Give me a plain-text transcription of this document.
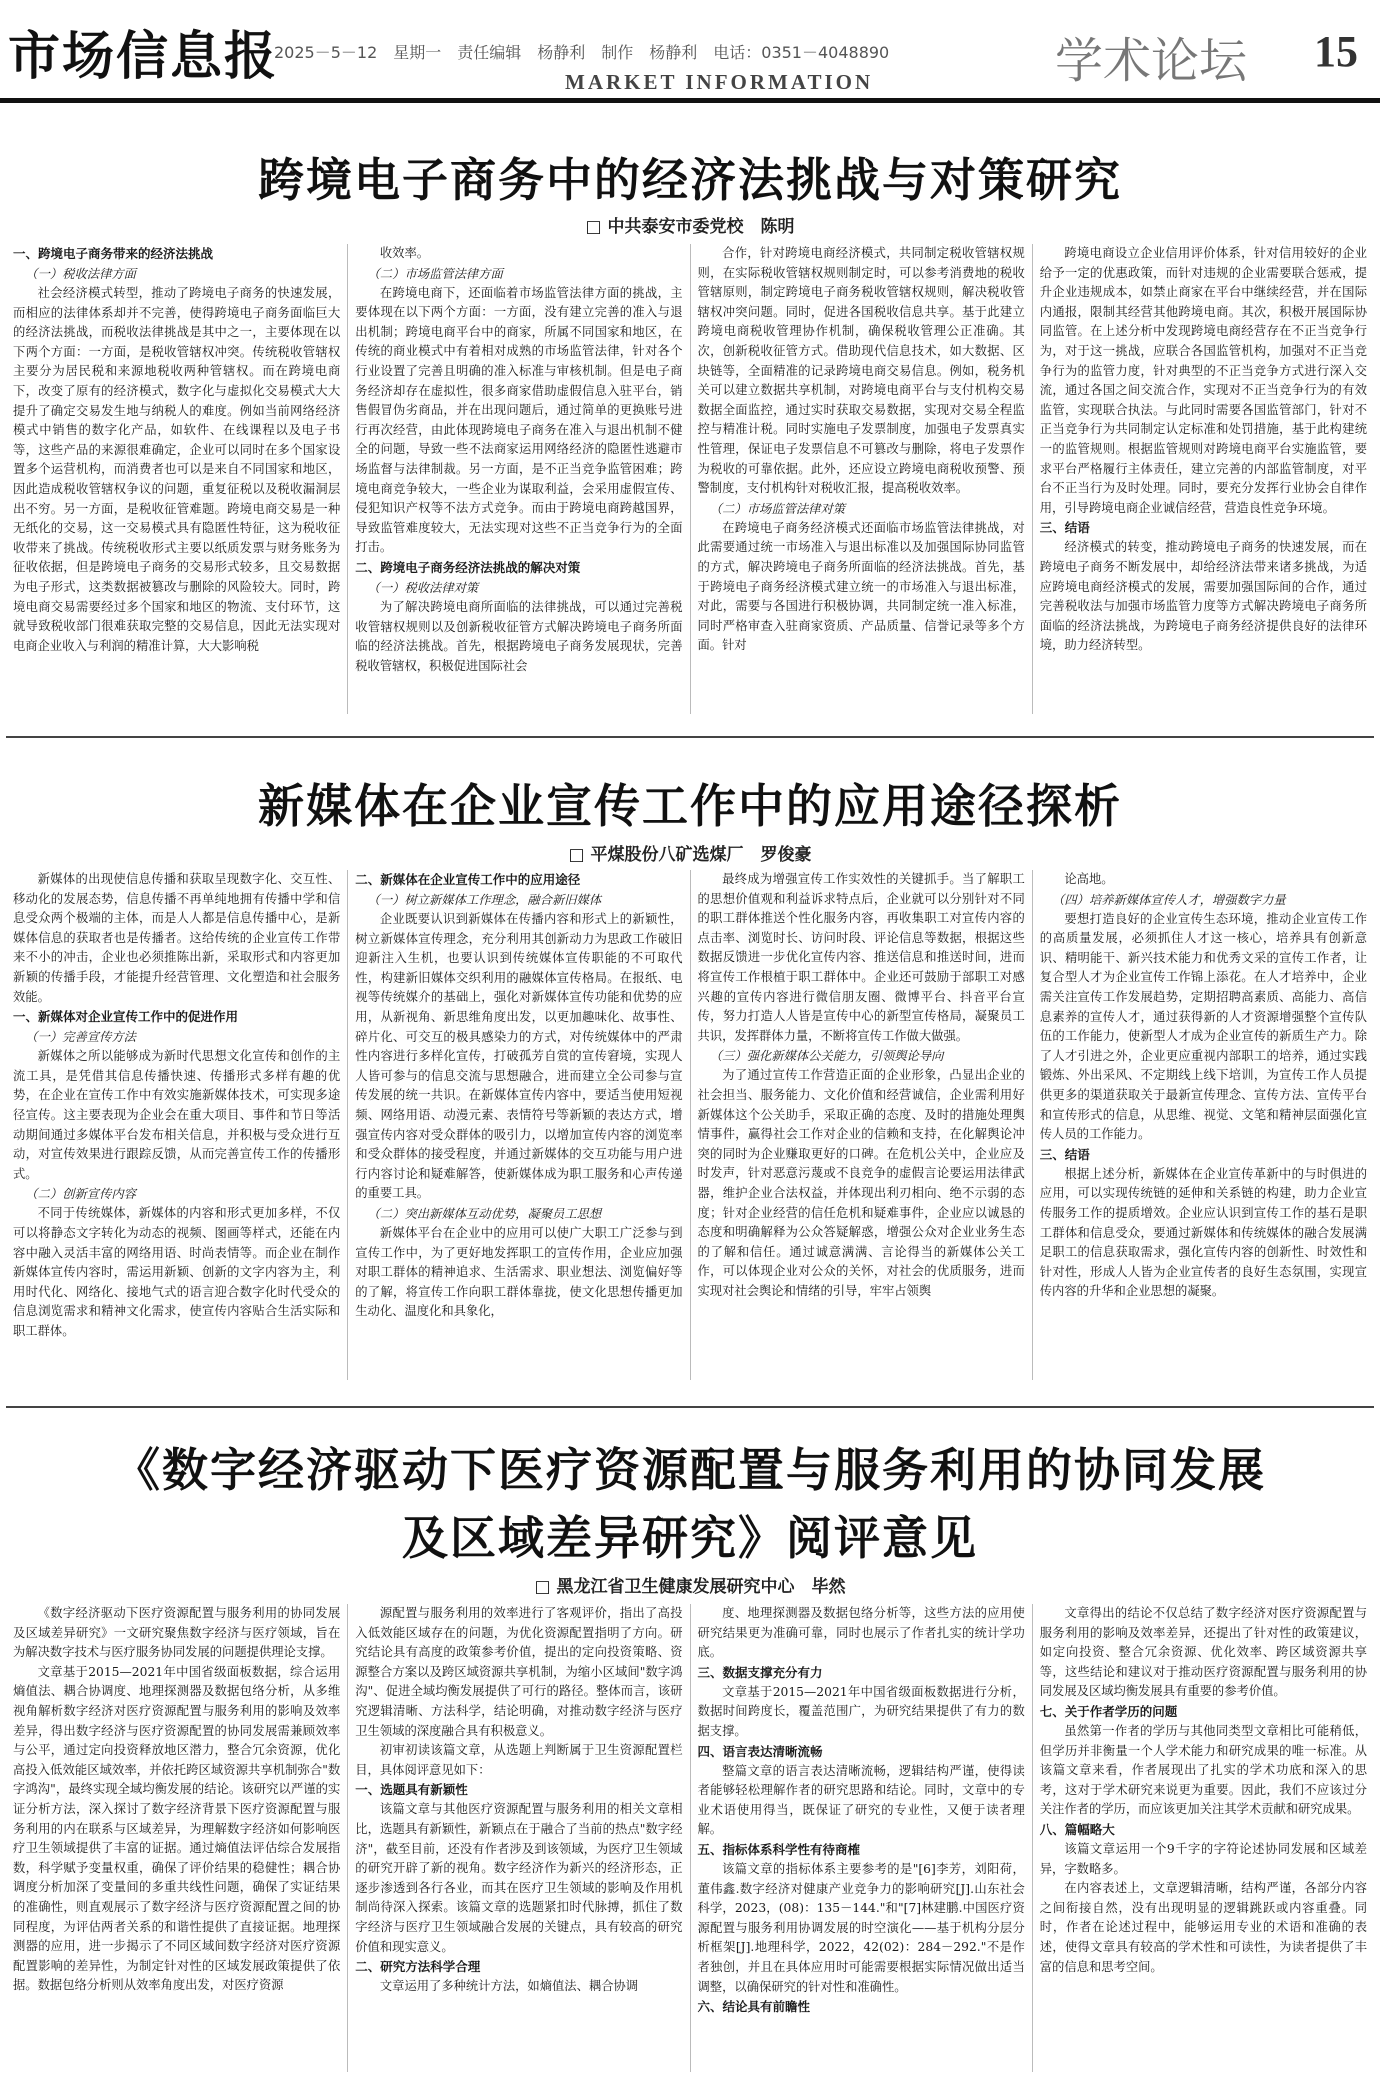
市场信息报
2025－5－12　星期一　责任编辑　杨静利　制作　杨静利　电话：0351－4048890
MARKET INFORMATION	学术论坛 15
跨境电子商务中的经济法挑战与对策研究
□ 中共泰安市委党校　陈明
一、跨境电子商务带来的经济法挑战
（一）税收法律方面

社会经济模式转型，推动了跨境电子商务的快速发展，而相应的法律体系却并不完善，使得跨境电子商务面临巨大的经济法挑战，而税收法律挑战是其中之一，主要体现在以下两个方面：一方面，是税收管辖权冲突。传统税收管辖权主要分为居民税和来源地税收两种管辖权。而在跨境电商下，改变了原有的经济模式，数字化与虚拟化交易模式大大提升了确定交易发生地与纳税人的难度。例如当前网络经济模式中销售的数字化产品，如软件、在线课程以及电子书等，这些产品的来源很难确定，企业可以同时在多个国家设置多个运营机构，而消费者也可以是来自不同国家和地区，因此造成税收管辖权争议的问题，重复征税以及税收漏洞层出不穷。另一方面，是税收征管难题。跨境电商交易是一种无纸化的交易，这一交易模式具有隐匿性特征，这为税收征收带来了挑战。传统税收形式主要以纸质发票与财务账务为征收依据，但是跨境电子商务的交易形式较多，且交易数据为电子形式，这类数据被篡改与删除的风险较大。同时，跨境电商交易需要经过多个国家和地区的物流、支付环节，这就导致税收部门很难获取完整的交易信息，因此无法实现对电商企业收入与利润的精准计算，大大影响税

收效率。

（二）市场监管法律方面

在跨境电商下，还面临着市场监管法律方面的挑战，主要体现在以下两个方面：一方面，没有建立完善的准入与退出机制；跨境电商平台中的商家，所属不同国家和地区，在传统的商业模式中有着相对成熟的市场监管法律，针对各个行业设置了完善且明确的准入标准与审核机制。但是电子商务经济却存在虚拟性，很多商家借助虚假信息入驻平台，销售假冒伪劣商品，并在出现问题后，通过简单的更换账号进行再次经营，由此体现跨境电子商务在准入与退出机制不健全的问题，导致一些不法商家运用网络经济的隐匿性逃避市场监督与法律制裁。另一方面，是不正当竞争监管困难；跨境电商竞争较大，一些企业为谋取利益，会采用虚假宣传、侵犯知识产权等不法方式竞争。而由于跨境电商跨越国界，导致监管难度较大，无法实现对这些不正当竞争行为的全面打击。

二、跨境电子商务经济法挑战的解决对策
（一）税收法律对策

为了解决跨境电商所面临的法律挑战，可以通过完善税收管辖权规则以及创新税收征管方式解决跨境电子商务所面临的经济法挑战。首先，根据跨境电子商务发展现状，完善税收管辖权，积极促进国际社会

合作，针对跨境电商经济模式，共同制定税收管辖权规则，在实际税收管辖权规则制定时，可以参考消费地的税收管辖原则，制定跨境电子商务税收管辖权规则，解决税收管辖权冲突问题。同时，促进各国税收信息共享。基于此建立跨境电商税收管理协作机制，确保税收管理公正准确。其次，创新税收征管方式。借助现代信息技术，如大数据、区块链等，全面精准的记录跨境电商交易信息。例如，税务机关可以建立数据共享机制，对跨境电商平台与支付机构交易数据全面监控，通过实时获取交易数据，实现对交易全程监控与精准计税。同时实施电子发票制度，加强电子发票真实性管理，保证电子发票信息不可篡改与删除，将电子发票作为税收的可靠依据。此外，还应设立跨境电商税收预警、预警制度，支付机构针对税收汇报，提高税收效率。

（二）市场监管法律对策

在跨境电子商务经济模式还面临市场监管法律挑战，对此需要通过统一市场准入与退出标准以及加强国际协同监管的方式，解决跨境电子商务所面临的经济法挑战。首先，基于跨境电子商务经济模式建立统一的市场准入与退出标准，对此，需要与各国进行积极协调，共同制定统一准入标准，同时严格审查入驻商家资质、产品质量、信誉记录等多个方面。针对

跨境电商设立企业信用评价体系，针对信用较好的企业给予一定的优惠政策，而针对违规的企业需要联合惩戒，提升企业违规成本，如禁止商家在平台中继续经营，并在国际内通报，限制其经营其他跨境电商。其次，积极开展国际协同监管。在上述分析中发现跨境电商经营存在不正当竞争行为，对于这一挑战，应联合各国监管机构，加强对不正当竞争行为的监管力度，针对典型的不正当竞争方式进行深入交流，通过各国之间交流合作，实现对不正当竞争行为的有效监管，实现联合执法。与此同时需要各国监管部门，针对不正当竞争行为共同制定认定标准和处罚措施，基于此构建统一的监管规则。根据监管规则对跨境电商平台实施监管，要求平台严格履行主体责任，建立完善的内部监管制度，对平台不正当行为及时处理。同时，要充分发挥行业协会自律作用，引导跨境电商企业诚信经营，营造良性竞争环境。

三、结语

经济模式的转变，推动跨境电子商务的快速发展，而在跨境电子商务不断发展中，却给经济法带来诸多挑战，为适应跨境电商经济模式的发展，需要加强国际间的合作，通过完善税收法与加强市场监管力度等方式解决跨境电子商务所面临的经济法挑战，为跨境电子商务经济提供良好的法律环境，助力经济转型。

新媒体在企业宣传工作中的应用途径探析
□ 平煤股份八矿选煤厂　罗俊豪

新媒体的出现使信息传播和获取呈现数字化、交互性、移动化的发展态势，信息传播不再单纯地拥有传播中学和信息受众两个极端的主体，而是人人都是信息传播中心，是新媒体信息的获取者也是传播者。这给传统的企业宣传工作带来不小的冲击，企业也必须推陈出新，采取形式和内容更加新颖的传播手段，才能提升经营管理、文化塑造和社会服务效能。

一、新媒体对企业宣传工作中的促进作用
（一）完善宣传方法

新媒体之所以能够成为新时代思想文化宣传和创作的主流工具，是凭借其信息传播快速、传播形式多样有趣的优势，在企业在宣传工作中有效实施新媒体技术，可实现多途径宣传。这主要表现为企业会在重大项目、事件和节日等活动期间通过多媒体平台发布相关信息，并积极与受众进行互动，对宣传效果进行跟踪反馈，从而完善宣传工作的传播形式。

（二）创新宣传内容

不同于传统媒体，新媒体的内容和形式更加多样，不仅可以将静态文字转化为动态的视频、图画等样式，还能在内容中融入灵活丰富的网络用语、时尚表情等。而企业在制作新媒体宣传内容时，需运用新颖、创新的文字内容为主，利用时代化、网络化、接地气式的语言迎合数字化时代受众的信息浏览需求和精神文化需求，使宣传内容贴合生活实际和职工群体。

二、新媒体在企业宣传工作中的应用途径
（一）树立新媒体工作理念，融合新旧媒体

企业既要认识到新媒体在传播内容和形式上的新颖性，树立新媒体宣传理念，充分利用其创新动力为思政工作破旧迎新注入生机，也要认识到传统媒体宣传职能的不可取代性，构建新旧媒体交织利用的融媒体宣传格局。在报纸、电视等传统媒介的基础上，强化对新媒体宣传功能和优势的应用，从新视角、新思维角度出发，以更加趣味化、故事性、碎片化、可交互的极具感染力的方式，对传统媒体中的严肃性内容进行多样化宣传，打破孤芳自赏的宣传窘境，实现人人皆可参与的信息交流与思想融合，进而建立全公司参与宣传发展的统一共识。在新媒体宣传内容中，要适当使用短视频、网络用语、动漫元素、表情符号等新颖的表达方式，增强宣传内容对受众群体的吸引力，以增加宣传内容的浏览率和受众群体的接受程度，并通过新媒体的交互功能与用户进行内容讨论和疑难解答，使新媒体成为职工服务和心声传递的重要工具。

（二）突出新媒体互动优势，凝聚员工思想

新媒体平台在企业中的应用可以使广大职工广泛参与到宣传工作中，为了更好地发挥职工的宣传作用，企业应加强对职工群体的精神追求、生活需求、职业想法、浏览偏好等的了解，将宣传工作向职工群体靠拢，使文化思想传播更加生动化、温度化和具象化，

最终成为增强宣传工作实效性的关键抓手。当了解职工的思想价值观和利益诉求特点后，企业就可以分别针对不同的职工群体推送个性化服务内容，再收集职工对宣传内容的点击率、浏览时长、访问时段、评论信息等数据，根据这些数据反馈进一步优化宣传内容、推送信息和推送时间，进而将宣传工作根植于职工群体中。企业还可鼓励于部职工对感兴趣的宣传内容进行微信朋友圈、微博平台、抖音平台宣传，努力打造人人皆是宣传中心的新型宣传格局，凝聚员工共识，发挥群体力量，不断将宣传工作做大做强。

（三）强化新媒体公关能力，引领舆论导向

为了通过宣传工作营造正面的企业形象，凸显出企业的社会担当、服务能力、文化价值和经营诚信，企业需利用好新媒体这个公关助手，采取正确的态度、及时的措施处理舆情事件，赢得社会工作对企业的信赖和支持，在化解舆论冲突的同时为企业赚取更好的口碑。在危机公关中，企业应及时发声，针对恶意污蔑或不良竞争的虚假言论要运用法律武器，维护企业合法权益，并体现出利刃相向、绝不示弱的态度；针对企业经营的信任危机和疑难事件，企业应以诚恳的态度和明确解释为公众答疑解惑，增强公众对企业业务生态的了解和信任。通过诚意满满、言论得当的新媒体公关工作，可以体现企业对公众的关怀，对社会的优质服务，进而实现对社会舆论和情绪的引导，牢牢占领舆

论高地。

（四）培养新媒体宣传人才，增强数字力量

要想打造良好的企业宣传生态环境，推动企业宣传工作的高质量发展，必须抓住人才这一核心，培养具有创新意识、精明能干、新兴技术能力和优秀文采的宣传工作者，让复合型人才为企业宣传工作锦上添花。在人才培养中，企业需关注宣传工作发展趋势，定期招聘高素质、高能力、高信息素养的宣传人才，通过获得新的人才资源增强整个宣传队伍的工作能力，使新型人才成为企业宣传的新质生产力。除了人才引进之外，企业更应重视内部职工的培养，通过实践锻炼、外出采风、不定期线上线下培训，为宣传工作人员提供更多的渠道获取关于最新宣传理念、宣传方法、宣传平台和宣传形式的信息，从思维、视觉、文笔和精神层面强化宣传人员的工作能力。

三、结语

根据上述分析，新媒体在企业宣传革新中的与时俱进的应用，可以实现传统链的延伸和关系链的构建，助力企业宣传服务工作的提质增效。企业应认识到宣传工作的基石是职工群体和信息受众，要通过新媒体和传统媒体的融合发展满足职工的信息获取需求，强化宣传内容的创新性、时效性和针对性，形成人人皆为企业宣传者的良好生态氛围，实现宣传内容的升华和企业思想的凝聚。

《数字经济驱动下医疗资源配置与服务利用的协同发展
及区域差异研究》阅评意见
□ 黑龙江省卫生健康发展研究中心　毕然

《数字经济驱动下医疗资源配置与服务利用的协同发展及区域差异研究》一文研究聚焦数字经济与医疗领域，旨在为解决数字技术与医疗服务协同发展的问题提供理论支撑。

文章基于2015—2021年中国省级面板数据，综合运用熵值法、耦合协调度、地理探测器及数据包络分析，从多维视角解析数字经济对医疗资源配置与服务利用的影响及效率差异，得出数字经济与医疗资源配置的协同发展需兼顾效率与公平，通过定向投资释放地区潜力，整合冗余资源，优化高投入低效能区域效率，并依托跨区域资源共享机制弥合"数字鸿沟"，最终实现全域均衡发展的结论。该研究以严谨的实证分析方法，深入探讨了数字经济背景下医疗资源配置与服务利用的内在联系与区域差异，为理解数字经济如何影响医疗卫生领域提供了丰富的证据。通过熵值法评估综合发展指数，科学赋予变量权重，确保了评价结果的稳健性；耦合协调度分析加深了变量间的多重共线性问题，确保了实证结果的准确性，则直观展示了数字经济与医疗资源配置之间的协同程度，为评估两者关系的和谐性提供了直接证据。地理探测器的应用，进一步揭示了不同区域间数字经济对医疗资源配置影响的差异性，为制定针对性的区域发展政策提供了依据。数据包络分析则从效率角度出发，对医疗资源

源配置与服务利用的效率进行了客观评价，指出了高投入低效能区域存在的问题，为优化资源配置指明了方向。研究结论具有高度的政策参考价值，提出的定向投资策略、资源整合方案以及跨区域资源共享机制，为缩小区域间"数字鸿沟"、促进全域均衡发展提供了可行的路径。整体而言，该研究逻辑清晰、方法科学，结论明确，对推动数字经济与医疗卫生领域的深度融合具有积极意义。

初审初读该篇文章，从选题上判断属于卫生资源配置栏目，具体阅评意见如下：

一、选题具有新颖性

该篇文章与其他医疗资源配置与服务利用的相关文章相比，选题具有新颖性，新颖点在于融合了当前的热点"数字经济"，截至目前，还没有作者涉及到该领域，为医疗卫生领域的研究开辟了新的视角。数字经济作为新兴的经济形态，正逐步渗透到各行各业，而其在医疗卫生领域的影响及作用机制尚待深入探索。该篇文章的选题紧扣时代脉搏，抓住了数字经济与医疗卫生领域融合发展的关键点，具有较高的研究价值和现实意义。

二、研究方法科学合理

文章运用了多种统计方法，如熵值法、耦合协调

度、地理探测器及数据包络分析等，这些方法的应用使研究结果更为准确可靠，同时也展示了作者扎实的统计学功底。

三、数据支撑充分有力

文章基于2015—2021年中国省级面板数据进行分析，数据时间跨度长，覆盖范围广，为研究结果提供了有力的数据支撑。

四、语言表达清晰流畅

整篇文章的语言表达清晰流畅，逻辑结构严谨，使得读者能够轻松理解作者的研究思路和结论。同时，文章中的专业术语使用得当，既保证了研究的专业性，又便于读者理解。

五、指标体系科学性有待商榷

该篇文章的指标体系主要参考的是"[6]李芳，刘阳荷，董伟鑫.数字经济对健康产业竞争力的影响研究[J].山东社会科学，2023，(08)：135－144."和"[7]林建鹏.中国医疗资源配置与服务利用协调发展的时空演化——基于机构分层分析框架[J].地理科学，2022，42(02)：284－292."不是作者独创，并且在具体应用时可能需要根据实际情况做出适当调整，以确保研究的针对性和准确性。

六、结论具有前瞻性

文章得出的结论不仅总结了数字经济对医疗资源配置与服务利用的影响及效率差异，还提出了针对性的政策建议，如定向投资、整合冗余资源、优化效率、跨区域资源共享等，这些结论和建议对于推动医疗资源配置与服务利用的协同发展及区域均衡发展具有重要的参考价值。

七、关于作者学历的问题

虽然第一作者的学历与其他同类型文章相比可能稍低，但学历并非衡量一个人学术能力和研究成果的唯一标准。从该篇文章来看，作者展现出了扎实的学术功底和深入的思考，这对于学术研究来说更为重要。因此，我们不应该过分关注作者的学历，而应该更加关注其学术贡献和研究成果。

八、篇幅略大

该篇文章运用一个9千字的字符论述协同发展和区域差异，字数略多。

在内容表述上，文章逻辑清晰，结构严谨，各部分内容之间衔接自然，没有出现明显的逻辑跳跃或内容重叠。同时，作者在论述过程中，能够运用专业的术语和准确的表述，使得文章具有较高的学术性和可读性，为读者提供了丰富的信息和思考空间。
